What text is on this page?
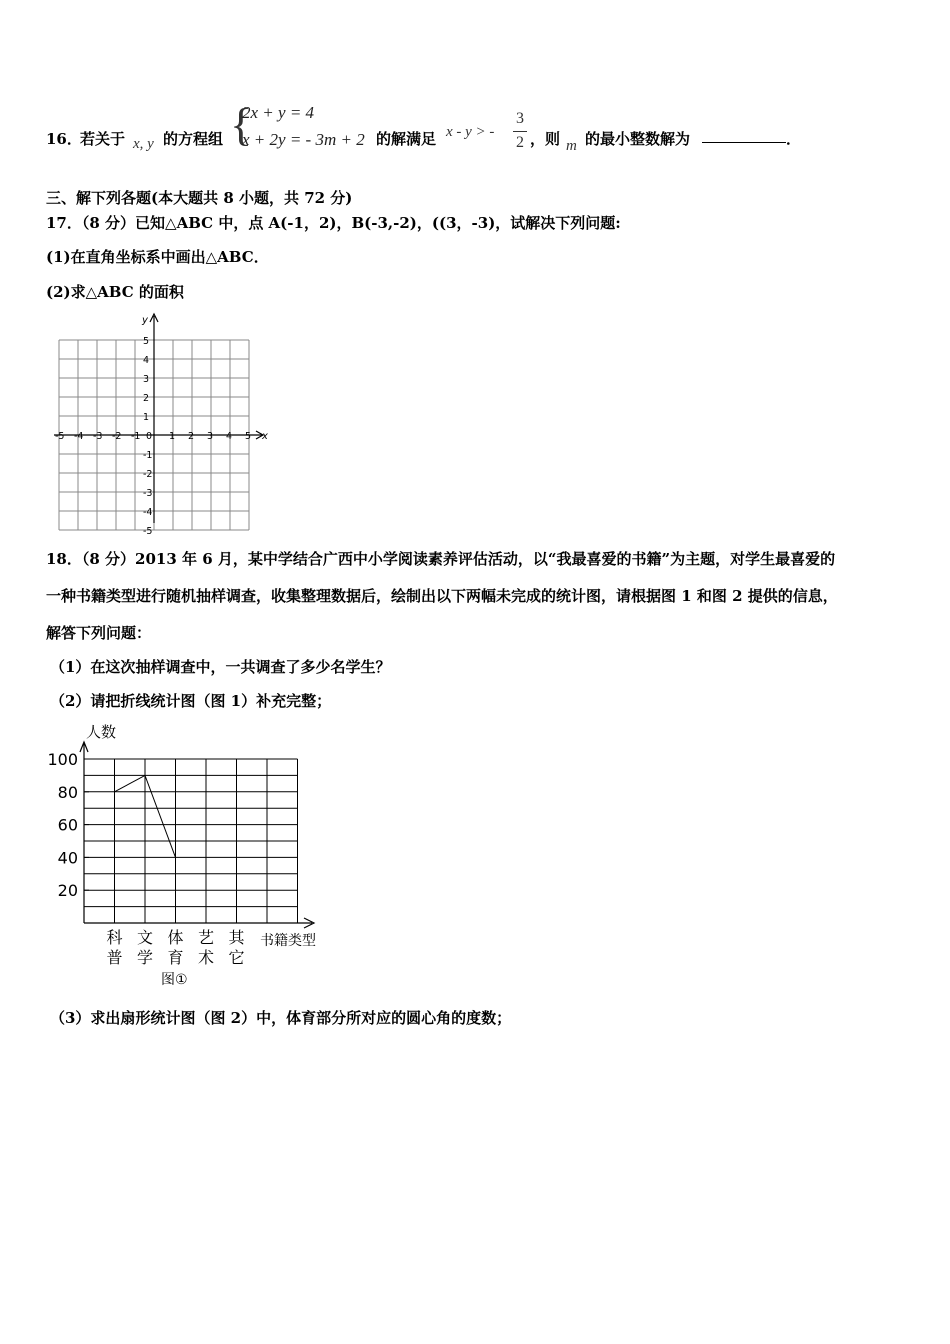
16．
若关于 x, y 的方程组 {
2x + y = 4
x + 2y = - 3m + 2 的解满足 x - y > -
3
2 ，则 m 的最小整数解为	．
三、解下列各题(本大题共 8 小题，共 72 分)
17．（8 分）已知△ABC 中，点 A(-1，2)，B(-3,-2)，((3，-3)，试解决下列问题:
(1)在直角坐标系中画出△ABC．
(2)求△ABC 的面积
x
y
0
-5 -4 -3 -2 -1	1 2 3 4 5
5
4
3
2
1
-1
-2
-3
-4
-5
18．（8 分）2013 年 6 月，某中学结合广西中小学阅读素养评估活动，以“我最喜爱的书籍”为主题，对学生最喜爱的
一种书籍类型进行随机抽样调查，收集整理数据后，绘制出以下两幅未完成的统计图，请根据图 1 和图 2 提供的信息，
解答下列问题：
（1）在这次抽样调查中，一共调查了多少名学生？
（2）请把折线统计图（图 1）补充完整；
人数
书籍类型
图①
20
40
60
80
100
科
普
文
学
体
育
艺
术
其
它
（3）求出扇形统计图（图 2）中，体育部分所对应的圆心角的度数；
